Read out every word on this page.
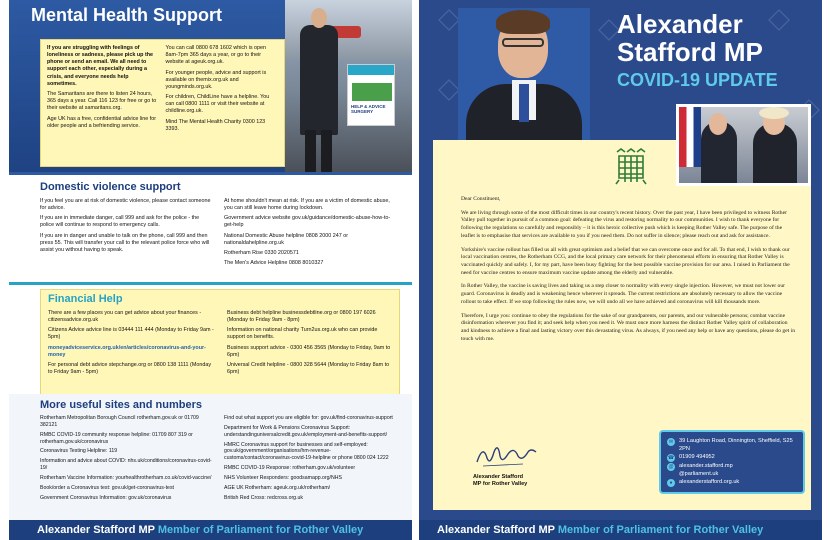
Mental Health Support

If you are struggling with feelings of loneliness or sadness, please pick up the phone or send an email. We all need to support each other, especially during a crisis, and everyone needs help sometimes.

The Samaritans are there to listen 24 hours, 365 days a year. Call 116 123 for free or go to their website at samaritans.org.

Age UK has a free, confidential advice line for older people and a befriending service.

You can call 0800 678 1602 which is open 8am-7pm 365 days a year, or go to their website at ageuk.org.uk.

For younger people, advice and support is available on themix.org.uk and youngminds.org.uk.

For children, ChildLine have a helpline. You can call 0800 1111 or visit their website at childline.org.uk.

Mind The Mental Health Charity 0300 123 3393.

HELP & ADVICE SURGERY
Domestic violence support

If you feel you are at risk of domestic violence, please contact someone for advice.

If you are in immediate danger, call 999 and ask for the police - the police will continue to respond to emergency calls.

If you are in danger and unable to talk on the phone, call 999 and then press 55. This will transfer your call to the relevant police force who will assist you without having to speak.

At home shouldn't mean at risk. If you are a victim of domestic abuse, you can still leave home during lockdown.

Government advice website gov.uk/guidance/domestic-abuse-how-to-get-help

National Domestic Abuse helpline 0808 2000 247 or nationaldahelpline.org.uk

Rotherham Rise 0330 2020571

The Men's Advice Helpline 0808 8010327

Financial Help

There are a few places you can get advice about your finances - citizensadvice.org.uk

Citizens Advice advice line is 03444 111 444 (Monday to Friday 9am - 5pm)

moneyadviceservice.org.uk/en/articles/coronavirus-and-your-money

For personal debt advice stepchange.org or 0800 138 1111 (Monday to Friday 9am - 5pm)

Business debt helpline businessdebtline.org or 0800 197 6026 (Monday to Friday 9am - 8pm)

Information on national charity Turn2us.org.uk who can provide support on benefits.

Business support advice - 0300 456 3565 (Monday to Friday, 9am to 6pm)

Universal Credit helpline - 0800 328 5644 (Monday to Friday 8am to 6pm)

More useful sites and numbers

Rotherham Metropolitan Borough Council rotherham.gov.uk or 01709 382121

RMBC COVID-19 community response helpline: 01709 807 319 or rotherham.gov.uk/coronavirus

Coronavirus Testing Helpline: 119

Information and advice about COVID: nhs.uk/conditions/coronavirus-covid-19/

Rotherham Vaccine Information: yourhealthrotherham.co.uk/covid-vaccine/

Book/order a Coronavirus test: gov.uk/get-coronavirus-test

Government Coronavirus Information: gov.uk/coronavirus

Find out what support you are eligible for: gov.uk/find-coronavirus-support

Department for Work & Pensions Coronavirus Support: understandinguniversalcredit.gov.uk/employment-and-benefits-support/

HMRC Coronavirus support for businesses and self-employed: gov.uk/government/organisations/hm-revenue-customs/contact/coronavirus-covid-19-helpline or phone 0800 024 1222

RMBC COVID-19 Response: rotherham.gov.uk/volunteer

NHS Volunteer Responders: goodsamapp.org/NHS

AGE UK Rotherham: ageuk.org.uk/rotherham/

British Red Cross: redcross.org.uk

Alexander Stafford MP Member of Parliament for Rother Valley
Alexander
Stafford MP
COVID-19 UPDATE

Dear Constituent,

We are living through some of the most difficult times in our country's recent history. Over the past year, I have been privileged to witness Rother Valley pull together in pursuit of a common goal: defeating the virus and restoring normality to our communities. I wish to thank everyone for following the regulations so carefully and responsibly – it is this heroic collective push which is keeping Rother Valley safe. The purpose of the leaflet is to emphasise that services are available to you if you need them. Do not suffer in silence; please reach out and ask for assistance.

Yorkshire's vaccine rollout has filled us all with great optimism and a belief that we can overcome once and for all. To that end, I wish to thank our local vaccination centres, the Rotherham CCG, and the local primary care network for their phenomenal efforts in ensuring that Rother Valley is vaccinated quickly and safely. I, for my part, have been busy fighting for the best possible vaccine provision for our area. I raised in Parliament the need for vaccine centres to ensure maximum vaccine update among the elderly and vulnerable.

In Rother Valley, the vaccine is saving lives and taking us a step closer to normality with every single injection. However, we must not lower our guard. Coronavirus is deadly and is weakening hence wherever it spreads. The current restrictions are absolutely necessary to allow the vaccine rollout to take effect. If we stop following the rules now, we will undo all we have achieved and coronavirus will kill thousands more.

Therefore, I urge you: continue to obey the regulations for the sake of our grandparents, our parents, and our vulnerable persons; combat vaccine disinformation wherever you find it; and seek help when you need it. We must once more harness the distinct Rother Valley spirit of collaboration and kindness to achieve a final and lasting victory over this devastating virus. As always, if you need any help or have any questions, please do get in touch with me.

Alexander Stafford
MP for Rother Valley
✉	39 Laughton Road, Dinnington, Sheffield, S25 2PN
☎ 01909 494952
@ alexander.stafford.mp
@parliament.uk
●	alexanderstafford.org.uk
Alexander Stafford MP Member of Parliament for Rother Valley
